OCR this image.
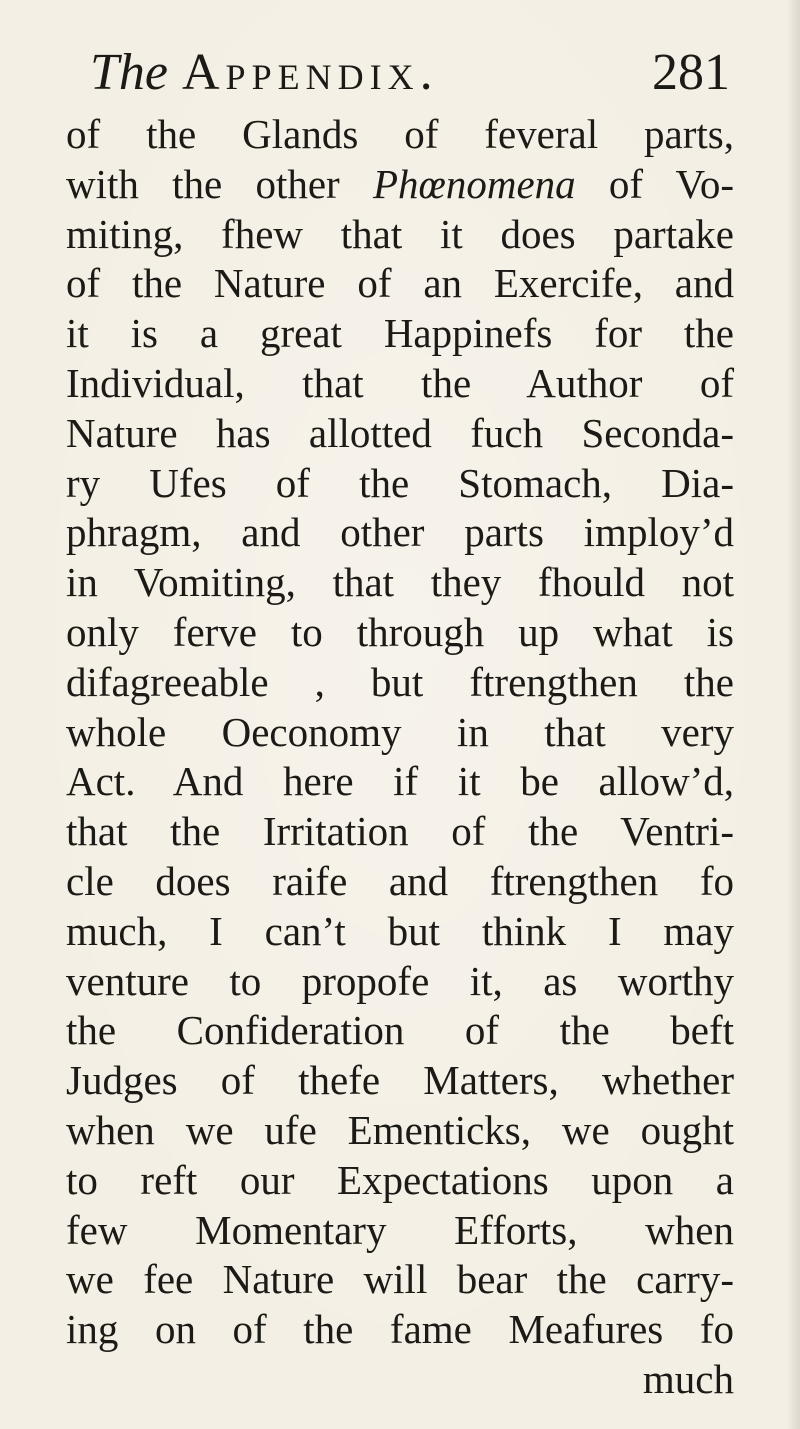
The Appendix.	281
of the Glands of feveral parts,
with the other Phœnomena of Vo-
miting, fhew that it does partake
of the Nature of an Exercife, and
it is a great Happinefs for the
Individual, that the Author of
Nature has allotted fuch Seconda-
ry Ufes of the Stomach, Dia-
phragm, and other parts imploy’d
in Vomiting, that they fhould not
only ferve to through up what is
difagreeable , but ftrengthen the
whole Oeconomy in that very
Act. And here if it be allow’d,
that the Irritation of the Ventri-
cle does raife and ftrengthen fo
much, I can’t but think I may
venture to propofe it, as worthy
the Confideration of the beft
Judges of thefe Matters, whether
when we ufe Ementicks, we ought
to reft our Expectations upon a
few Momentary Efforts, when
we fee Nature will bear the carry-
ing on of the fame Meafures fo
much
